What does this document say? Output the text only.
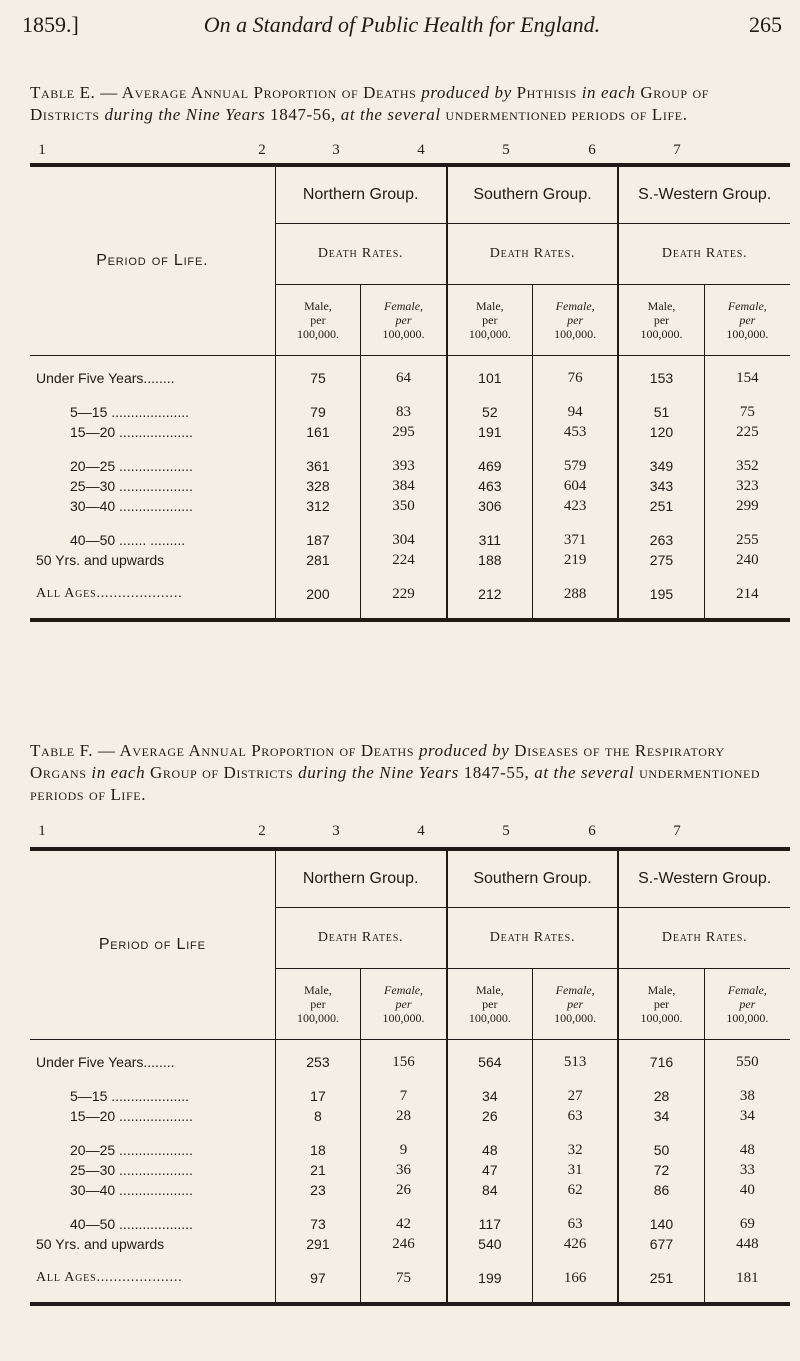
1859.]	On a Standard of Public Health for England.	265
Table E. — Average Annual Proportion of Deaths produced by Phthisis in each Group of Districts during the Nine Years 1847-56, at the several undermentioned periods of Life.
1	2	3	4	5	6	7
Period of Life.	Northern Group.		Southern Group.		S.-Western Group.	
	Death Rates.		Death Rates.		Death Rates.	
	Male,
per
100,000.	Female,
per
100,000.	Male,
per
100,000.	Female,
per
100,000.	Male,
per
100,000.	Female,
per
100,000.
Under Five Years........	75	64	101	76	153	154

5—15 ....................	79	83	52	94	51	75
15—20 ...................	161	295	191	453	120	225

20—25 ...................	361	393	469	579	349	352
25—30 ...................	328	384	463	604	343	323
30—40 ...................	312	350	306	423	251	299

40—50 ....... .........	187	304	311	371	263	255
50 Yrs. and upwards	281	224	188	219	275	240

All Ages....................	200	229	212	288	195	214
Table F. — Average Annual Proportion of Deaths produced by Diseases of the Respiratory Organs in each Group of Districts during the Nine Years 1847-55, at the several undermentioned periods of Life.
1	2	3	4	5	6	7
Period of Life	Northern Group.		Southern Group.		S.-Western Group.	
	Death Rates.		Death Rates.		Death Rates.	
	Male,
per
100,000.	Female,
per
100,000.	Male,
per
100,000.	Female,
per
100,000.	Male,
per
100,000.	Female,
per
100,000.
Under Five Years........	253	156	564	513	716	550

5—15 ....................	17	7	34	27	28	38
15—20 ...................	8	28	26	63	34	34

20—25 ...................	18	9	48	32	50	48
25—30 ...................	21	36	47	31	72	33
30—40 ...................	23	26	84	62	86	40

40—50 ...................	73	42	117	63	140	69
50 Yrs. and upwards	291	246	540	426	677	448

All Ages....................	97	75	199	166	251	181
